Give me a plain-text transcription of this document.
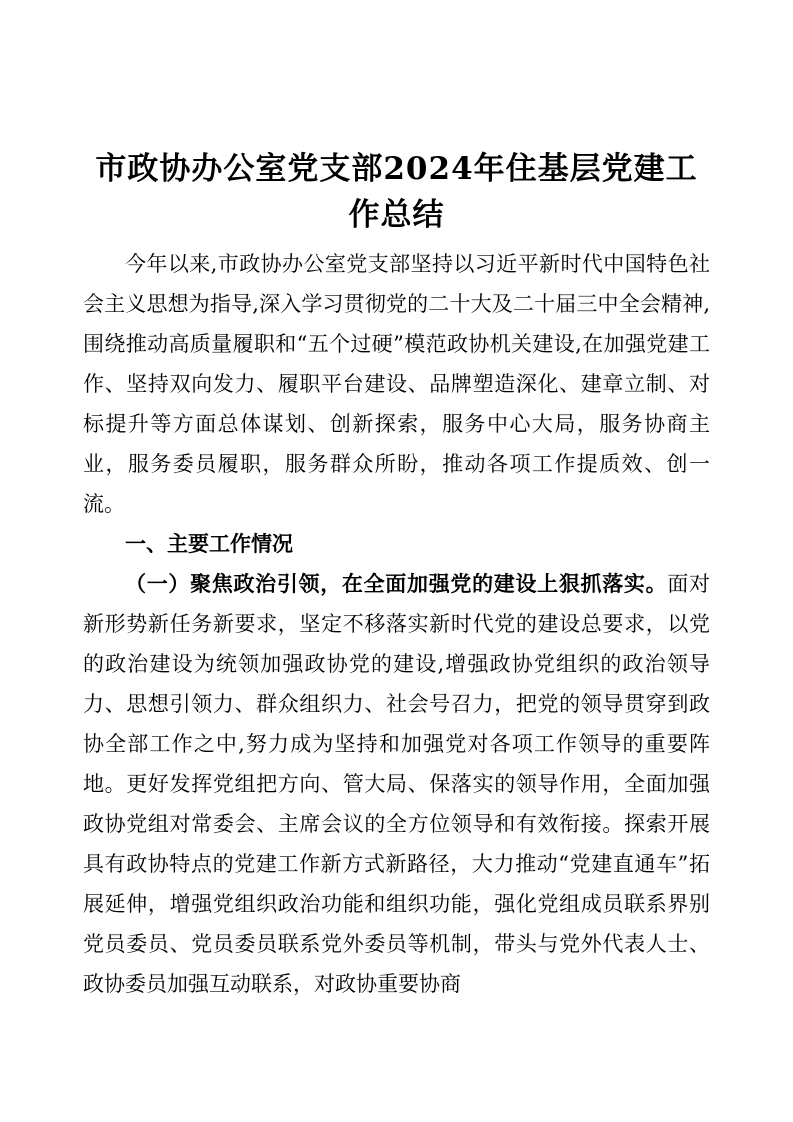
市政协办公室党支部2024年住基层党建工作总结

今年以来,市政协办公室党支部坚持以习近平新时代中国特色社会主义思想为指导,深入学习贯彻党的二十大及二十届三中全会精神,围绕推动高质量履职和“五个过硬”模范政协机关建设,在加强党建工作、坚持双向发力、履职平台建设、品牌塑造深化、建章立制、对标提升等方面总体谋划、创新探索，服务中心大局，服务协商主业，服务委员履职，服务群众所盼，推动各项工作提质效、创一流。

一、主要工作情况

（一）聚焦政治引领，在全面加强党的建设上狠抓落实。面对新形势新任务新要求，坚定不移落实新时代党的建设总要求，以党的政治建设为统领加强政协党的建设,增强政协党组织的政治领导力、思想引领力、群众组织力、社会号召力，把党的领导贯穿到政协全部工作之中,努力成为坚持和加强党对各项工作领导的重要阵地。更好发挥党组把方向、管大局、保落实的领导作用，全面加强政协党组对常委会、主席会议的全方位领导和有效衔接。探索开展具有政协特点的党建工作新方式新路径，大力推动“党建直通车”拓展延伸，增强党组织政治功能和组织功能，强化党组成员联系界别党员委员、党员委员联系党外委员等机制，带头与党外代表人士、政协委员加强互动联系，对政协重要协商
